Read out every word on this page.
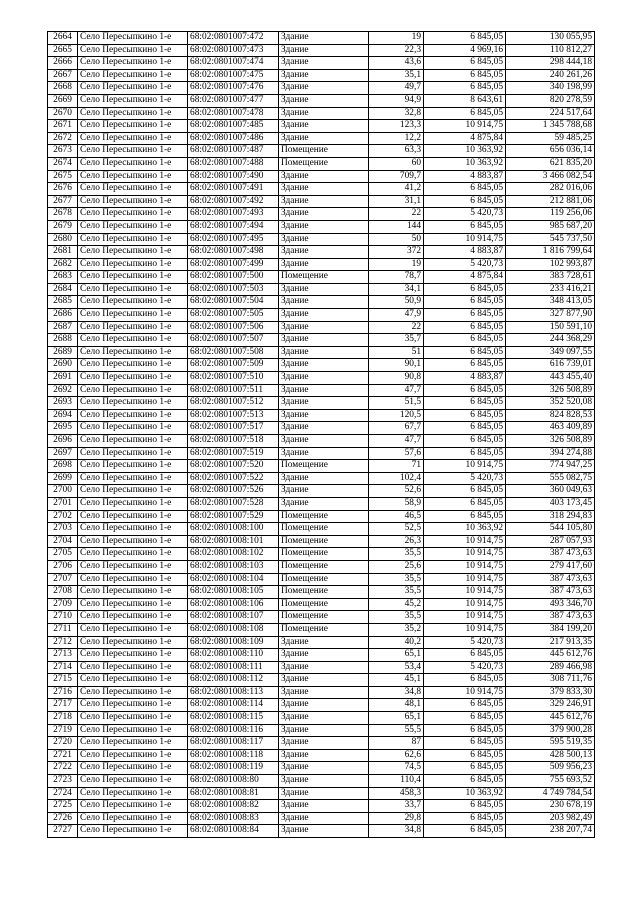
2664	Село Пересыпкино 1-е	68:02:0801007:472	Здание	19	6 845,05	130 055,95
2665	Село Пересыпкино 1-е	68:02:0801007:473	Здание	22,3	4 969,16	110 812,27
2666	Село Пересыпкино 1-е	68:02:0801007:474	Здание	43,6	6 845,05	298 444,18
2667	Село Пересыпкино 1-е	68:02:0801007:475	Здание	35,1	6 845,05	240 261,26
2668	Село Пересыпкино 1-е	68:02:0801007:476	Здание	49,7	6 845,05	340 198,99
2669	Село Пересыпкино 1-е	68:02:0801007:477	Здание	94,9	8 643,61	820 278,59
2670	Село Пересыпкино 1-е	68:02:0801007:478	Здание	32,8	6 845,05	224 517,64
2671	Село Пересыпкино 1-е	68:02:0801007:485	Здание	123,3	10 914,75	1 345 788,68
2672	Село Пересыпкино 1-е	68:02:0801007:486	Здание	12,2	4 875,84	59 485,25
2673	Село Пересыпкино 1-е	68:02:0801007:487	Помещение	63,3	10 363,92	656 036,14
2674	Село Пересыпкино 1-е	68:02:0801007:488	Помещение	60	10 363,92	621 835,20
2675	Село Пересыпкино 1-е	68:02:0801007:490	Здание	709,7	4 883,87	3 466 082,54
2676	Село Пересыпкино 1-е	68:02:0801007:491	Здание	41,2	6 845,05	282 016,06
2677	Село Пересыпкино 1-е	68:02:0801007:492	Здание	31,1	6 845,05	212 881,06
2678	Село Пересыпкино 1-е	68:02:0801007:493	Здание	22	5 420,73	119 256,06
2679	Село Пересыпкино 1-е	68:02:0801007:494	Здание	144	6 845,05	985 687,20
2680	Село Пересыпкино 1-е	68:02:0801007:495	Здание	50	10 914,75	545 737,50
2681	Село Пересыпкино 1-е	68:02:0801007:498	Здание	372	4 883,87	1 816 799,64
2682	Село Пересыпкино 1-е	68:02:0801007:499	Здание	19	5 420,73	102 993,87
2683	Село Пересыпкино 1-е	68:02:0801007:500	Помещение	78,7	4 875,84	383 728,61
2684	Село Пересыпкино 1-е	68:02:0801007:503	Здание	34,1	6 845,05	233 416,21
2685	Село Пересыпкино 1-е	68:02:0801007:504	Здание	50,9	6 845,05	348 413,05
2686	Село Пересыпкино 1-е	68:02:0801007:505	Здание	47,9	6 845,05	327 877,90
2687	Село Пересыпкино 1-е	68:02:0801007:506	Здание	22	6 845,05	150 591,10
2688	Село Пересыпкино 1-е	68:02:0801007:507	Здание	35,7	6 845,05	244 368,29
2689	Село Пересыпкино 1-е	68:02:0801007:508	Здание	51	6 845,05	349 097,55
2690	Село Пересыпкино 1-е	68:02:0801007:509	Здание	90,1	6 845,05	616 739,01
2691	Село Пересыпкино 1-е	68:02:0801007:510	Здание	90,8	4 883,87	443 455,40
2692	Село Пересыпкино 1-е	68:02:0801007:511	Здание	47,7	6 845,05	326 508,89
2693	Село Пересыпкино 1-е	68:02:0801007:512	Здание	51,5	6 845,05	352 520,08
2694	Село Пересыпкино 1-е	68:02:0801007:513	Здание	120,5	6 845,05	824 828,53
2695	Село Пересыпкино 1-е	68:02:0801007:517	Здание	67,7	6 845,05	463 409,89
2696	Село Пересыпкино 1-е	68:02:0801007:518	Здание	47,7	6 845,05	326 508,89
2697	Село Пересыпкино 1-е	68:02:0801007:519	Здание	57,6	6 845,05	394 274,88
2698	Село Пересыпкино 1-е	68:02:0801007:520	Помещение	71	10 914,75	774 947,25
2699	Село Пересыпкино 1-е	68:02:0801007:522	Здание	102,4	5 420,73	555 082,75
2700	Село Пересыпкино 1-е	68:02:0801007:526	Здание	52,6	6 845,05	360 049,63
2701	Село Пересыпкино 1-е	68:02:0801007:528	Здание	58,9	6 845,05	403 173,45
2702	Село Пересыпкино 1-е	68:02:0801007:529	Помещение	46,5	6 845,05	318 294,83
2703	Село Пересыпкино 1-е	68:02:0801008:100	Помещение	52,5	10 363,92	544 105,80
2704	Село Пересыпкино 1-е	68:02:0801008:101	Помещение	26,3	10 914,75	287 057,93
2705	Село Пересыпкино 1-е	68:02:0801008:102	Помещение	35,5	10 914,75	387 473,63
2706	Село Пересыпкино 1-е	68:02:0801008:103	Помещение	25,6	10 914,75	279 417,60
2707	Село Пересыпкино 1-е	68:02:0801008:104	Помещение	35,5	10 914,75	387 473,63
2708	Село Пересыпкино 1-е	68:02:0801008:105	Помещение	35,5	10 914,75	387 473,63
2709	Село Пересыпкино 1-е	68:02:0801008:106	Помещение	45,2	10 914,75	493 346,70
2710	Село Пересыпкино 1-е	68:02:0801008:107	Помещение	35,5	10 914,75	387 473,63
2711	Село Пересыпкино 1-е	68:02:0801008:108	Помещение	35,2	10 914,75	384 199,20
2712	Село Пересыпкино 1-е	68:02:0801008:109	Здание	40,2	5 420,73	217 913,35
2713	Село Пересыпкино 1-е	68:02:0801008:110	Здание	65,1	6 845,05	445 612,76
2714	Село Пересыпкино 1-е	68:02:0801008:111	Здание	53,4	5 420,73	289 466,98
2715	Село Пересыпкино 1-е	68:02:0801008:112	Здание	45,1	6 845,05	308 711,76
2716	Село Пересыпкино 1-е	68:02:0801008:113	Здание	34,8	10 914,75	379 833,30
2717	Село Пересыпкино 1-е	68:02:0801008:114	Здание	48,1	6 845,05	329 246,91
2718	Село Пересыпкино 1-е	68:02:0801008:115	Здание	65,1	6 845,05	445 612,76
2719	Село Пересыпкино 1-е	68:02:0801008:116	Здание	55,5	6 845,05	379 900,28
2720	Село Пересыпкино 1-е	68:02:0801008:117	Здание	87	6 845,05	595 519,35
2721	Село Пересыпкино 1-е	68:02:0801008:118	Здание	62,6	6 845,05	428 500,13
2722	Село Пересыпкино 1-е	68:02:0801008:119	Здание	74,5	6 845,05	509 956,23
2723	Село Пересыпкино 1-е	68:02:0801008:80	Здание	110,4	6 845,05	755 693,52
2724	Село Пересыпкино 1-е	68:02:0801008:81	Здание	458,3	10 363,92	4 749 784,54
2725	Село Пересыпкино 1-е	68:02:0801008:82	Здание	33,7	6 845,05	230 678,19
2726	Село Пересыпкино 1-е	68:02:0801008:83	Здание	29,8	6 845,05	203 982,49
2727	Село Пересыпкино 1-е	68:02:0801008:84	Здание	34,8	6 845,05	238 207,74
